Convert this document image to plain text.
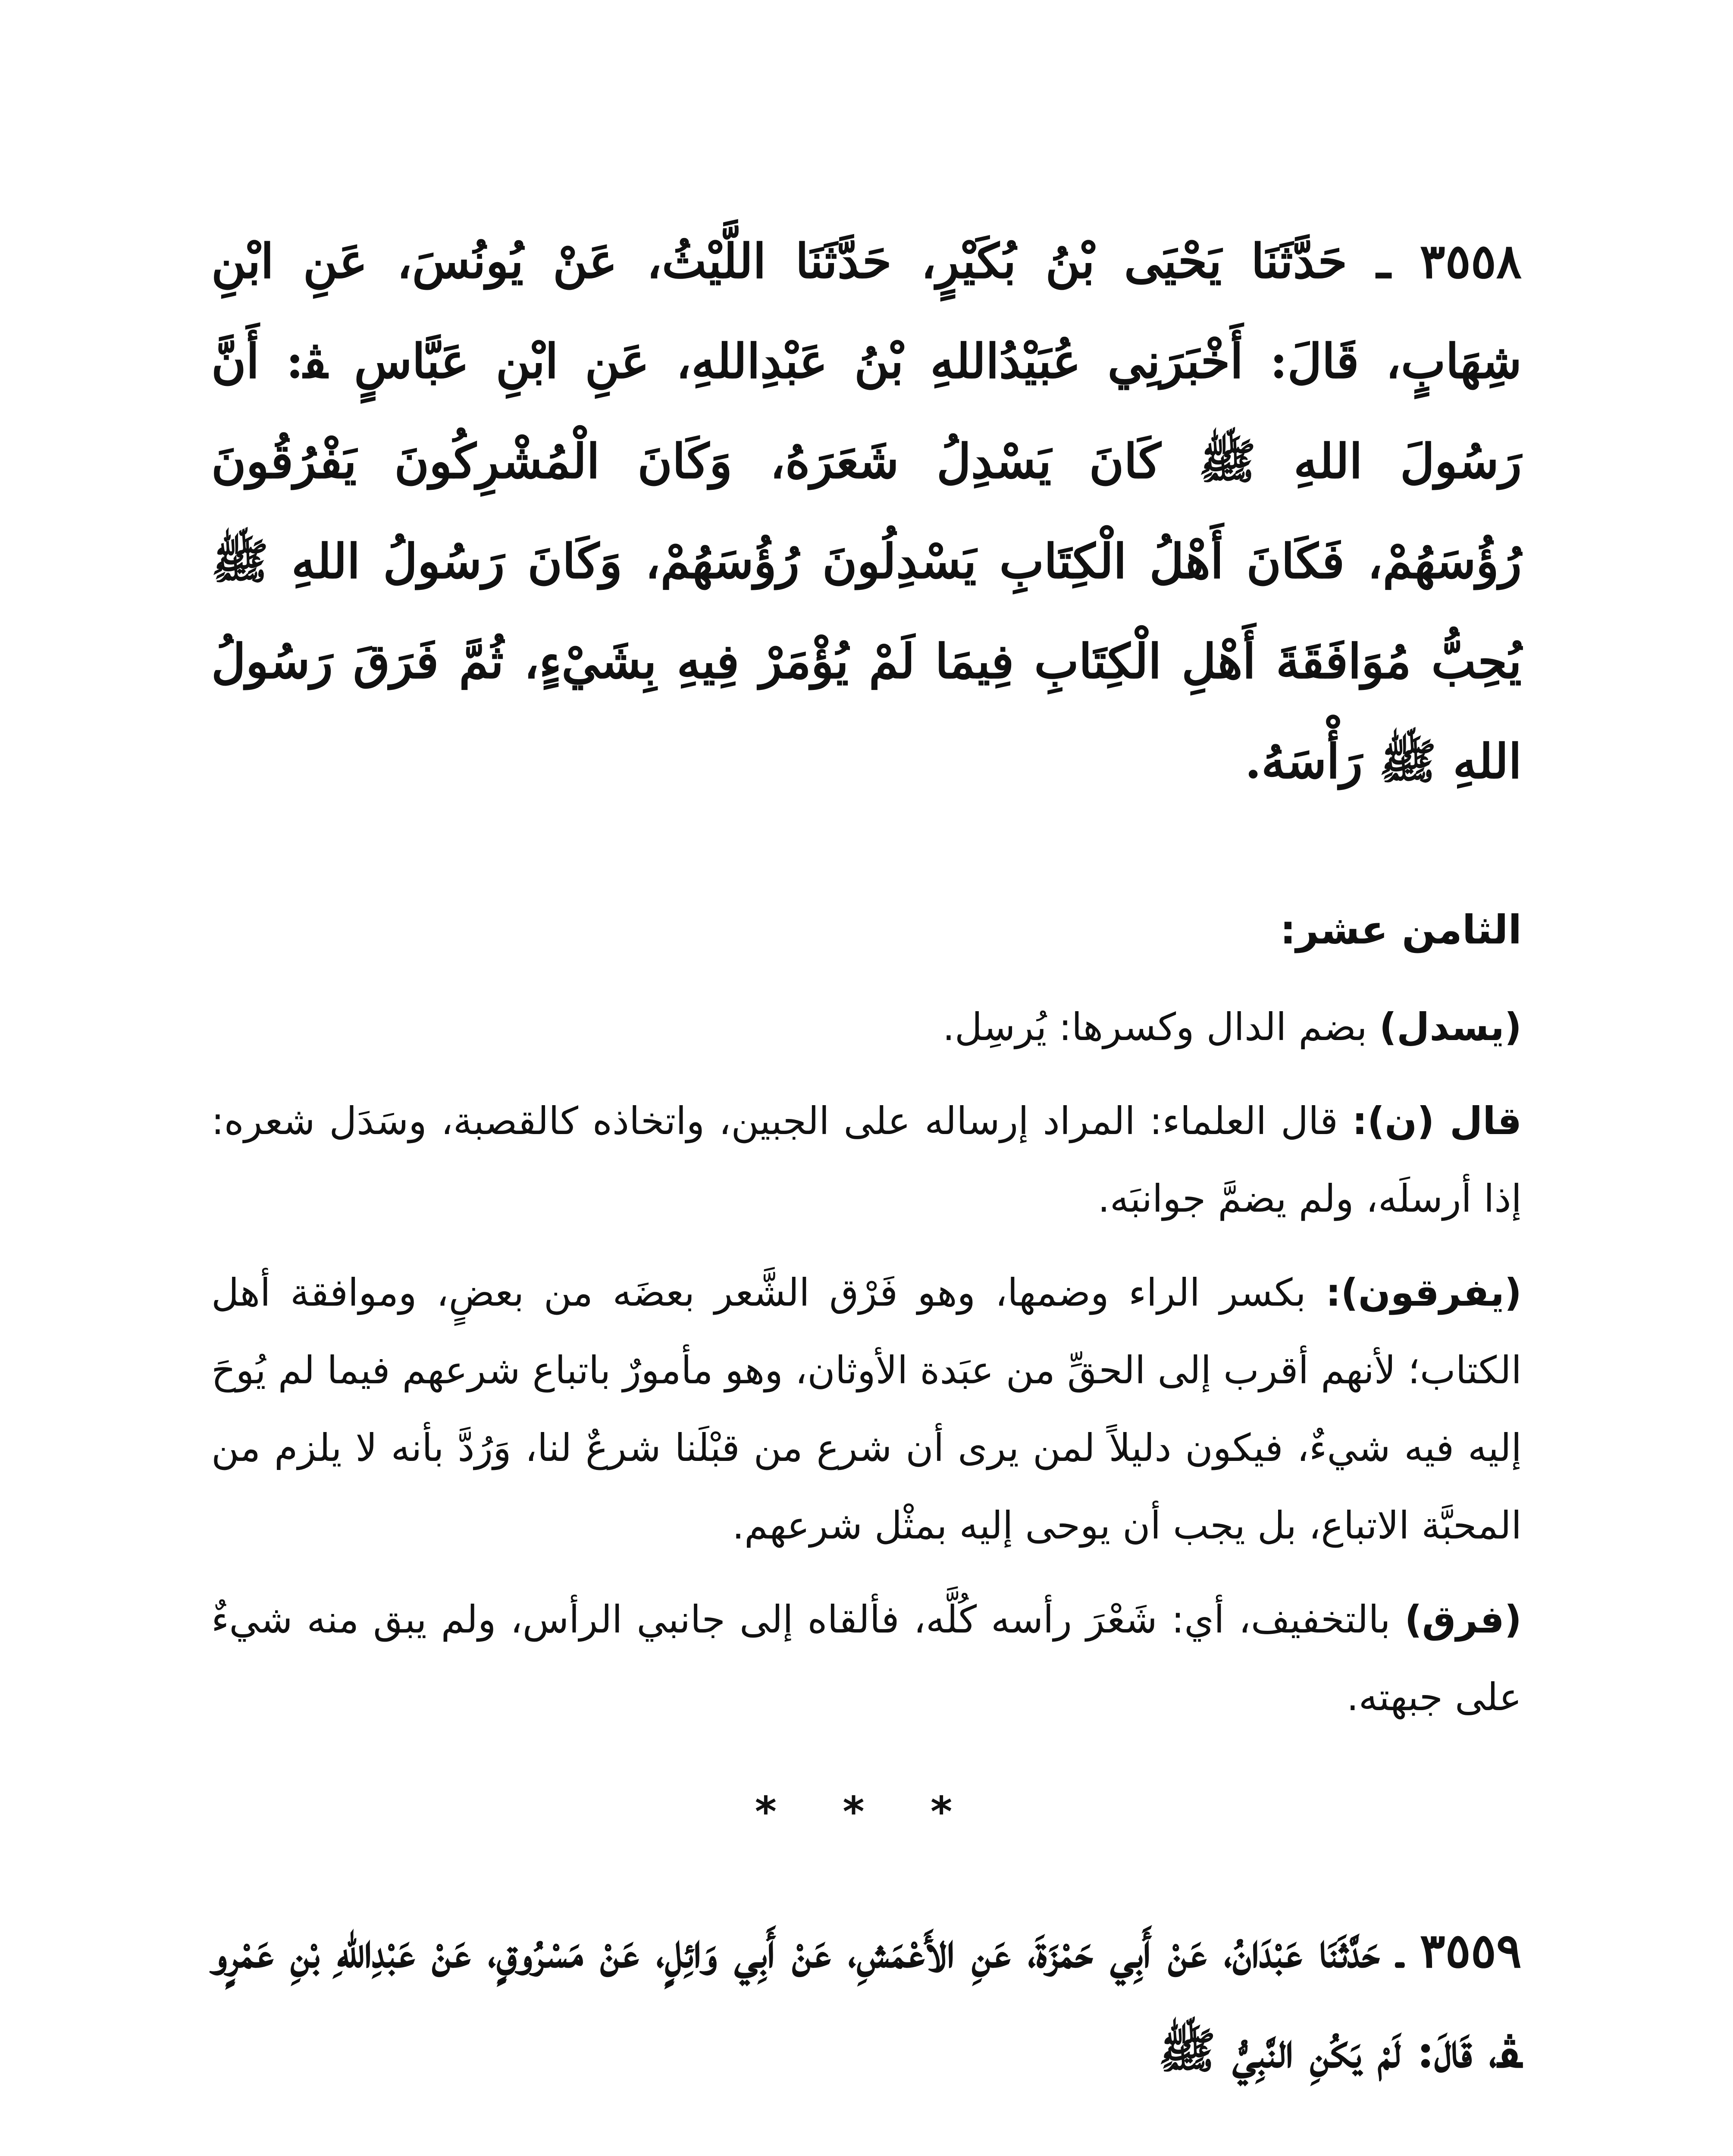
٣٥٥٨ ـ حَدَّثَنَا يَحْيَى بْنُ بُكَيْرٍ، حَدَّثَنَا اللَّيْثُ، عَنْ يُونُسَ، عَنِ ابْنِ شِهَابٍ، قَالَ: أَخْبَرَنِي عُبَيْدُاللهِ بْنُ عَبْدِاللهِ، عَنِ ابْنِ عَبَّاسٍ ﭭ: أَنَّ رَسُولَ اللهِ ﷺ كَانَ يَسْدِلُ شَعَرَهُ، وَكَانَ الْمُشْرِكُونَ يَفْرُقُونَ رُؤُسَهُمْ، فَكَانَ أَهْلُ الْكِتَابِ يَسْدِلُونَ رُؤُسَهُمْ، وَكَانَ رَسُولُ اللهِ ﷺ يُحِبُّ مُوَافَقَةَ أَهْلِ الْكِتَابِ فِيمَا لَمْ يُؤْمَرْ فِيهِ بِشَيْءٍ، ثُمَّ فَرَقَ رَسُولُ اللهِ ﷺ رَأْسَهُ.

الثامن عشر:

(يسدل) بضم الدال وكسرها: يُرسِل.

قال (ن): قال العلماء: المراد إرساله على الجبين، واتخاذه كالقصبة، وسَدَل شعره: إذا أرسلَه، ولم يضمَّ جوانبَه.

(يفرقون): بكسر الراء وضمها، وهو فَرْق الشَّعر بعضَه من بعضٍ، وموافقة أهل الكتاب؛ لأنهم أقرب إلى الحقِّ من عبَدة الأوثان، وهو مأمورٌ باتباع شرعهم فيما لم يُوحَ إليه فيه شيءٌ، فيكون دليلاً لمن يرى أن شرع من قبْلَنا شرعٌ لنا، وَرُدَّ بأنه لا يلزم من المحبَّة الاتباع، بل يجب أن يوحى إليه بمثْل شرعهم.

(فرق) بالتخفيف، أي: شَعْرَ رأسه كُلَّه، فألقاه إلى جانبي الرأس، ولم يبق منه شيءٌ على جبهته.

* * *

٣٥٥٩ ـ حَدَّثَنَا عَبْدَانُ، عَنْ أَبِي حَمْزَةَ، عَنِ الأَعْمَشِ، عَنْ أَبِي وَائِلٍ، عَنْ مَسْرُوقٍ، عَنْ عَبْدِاللهِ بْنِ عَمْرٍو ﭭ، قَالَ: لَمْ يَكُنِ النَّبِيُّ ﷺ
